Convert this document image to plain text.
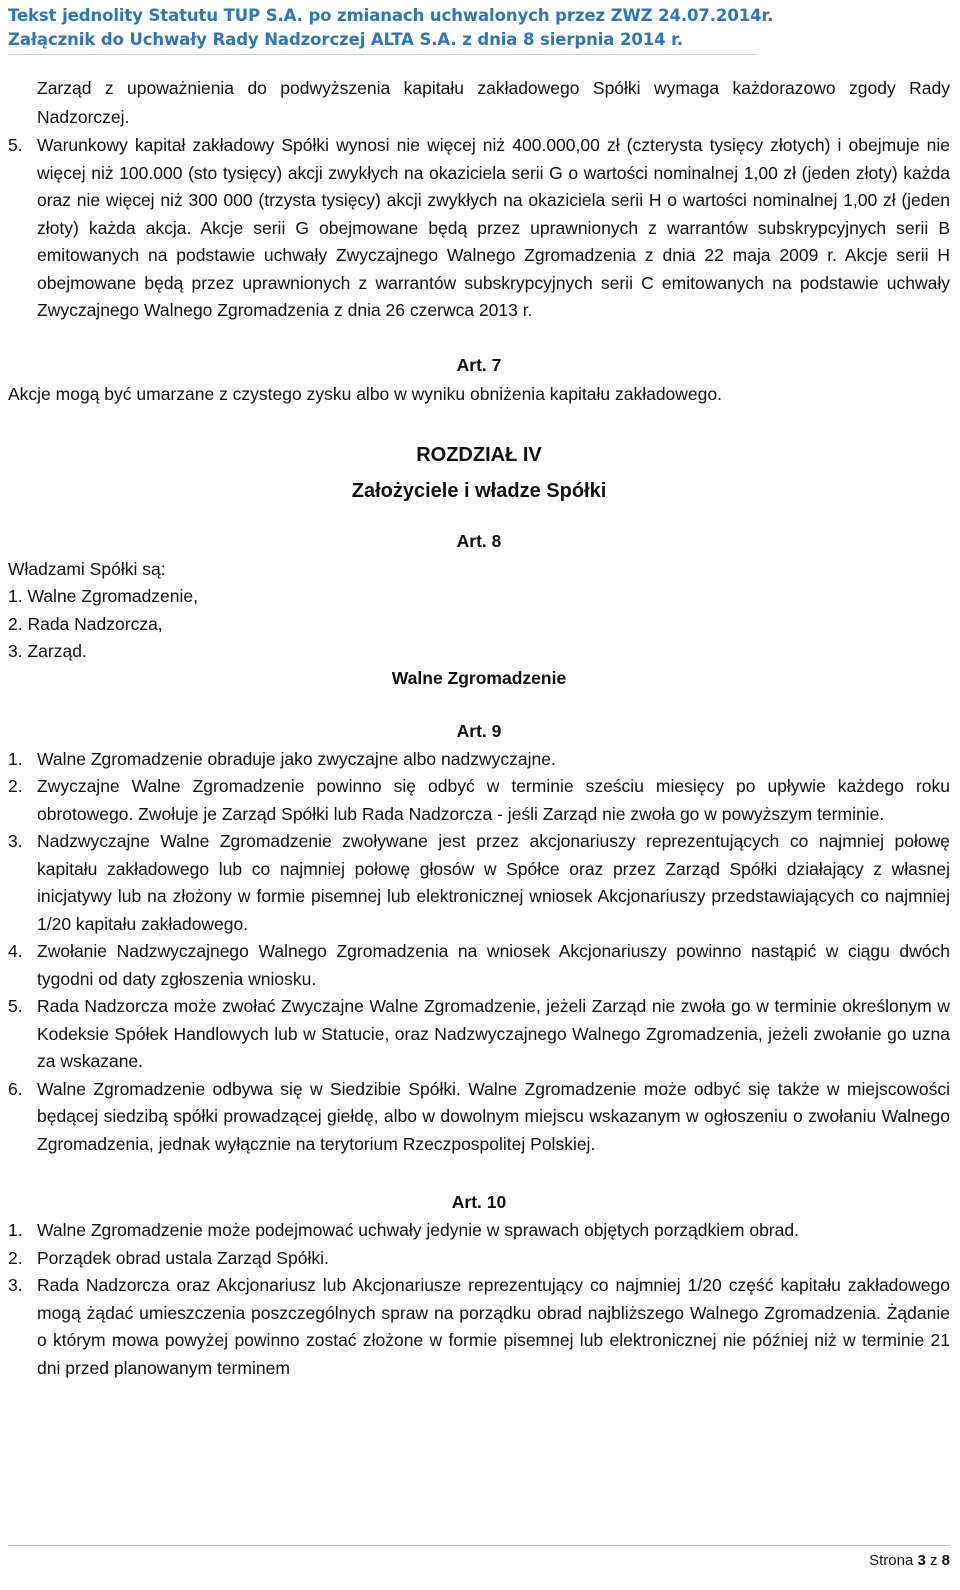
Tekst jednolity Statutu TUP S.A. po zmianach uchwalonych przez ZWZ 24.07.2014r.
Załącznik do Uchwały Rady Nadzorczej ALTA S.A. z dnia 8 sierpnia 2014 r.

Zarząd z upoważnienia do podwyższenia kapitału zakładowego Spółki wymaga każdorazowo zgody Rady Nadzorczej.

5. Warunkowy kapitał zakładowy Spółki wynosi nie więcej niż 400.000,00 zł (czterysta tysięcy złotych) i obejmuje nie więcej niż 100.000 (sto tysięcy) akcji zwykłych na okaziciela serii G o wartości nominalnej 1,00 zł (jeden złoty) każda oraz nie więcej niż 300 000 (trzysta tysięcy) akcji zwykłych na okaziciela serii H o wartości nominalnej 1,00 zł (jeden złoty) każda akcja. Akcje serii G obejmowane będą przez uprawnionych z warrantów subskrypcyjnych serii B emitowanych na podstawie uchwały Zwyczajnego Walnego Zgromadzenia z dnia 22 maja 2009 r. Akcje serii H obejmowane będą przez uprawnionych z warrantów subskrypcyjnych serii C emitowanych na podstawie uchwały Zwyczajnego Walnego Zgromadzenia z dnia 26 czerwca 2013 r.

Art. 7

Akcje mogą być umarzane z czystego zysku albo w wyniku obniżenia kapitału zakładowego.

ROZDZIAŁ IV

Założyciele i władze Spółki

Art. 8

Władzami Spółki są:

1. Walne Zgromadzenie,

2. Rada Nadzorcza,

3. Zarząd.

Walne Zgromadzenie

Art. 9

1. Walne Zgromadzenie obraduje jako zwyczajne albo nadzwyczajne.
2. Zwyczajne Walne Zgromadzenie powinno się odbyć w terminie sześciu miesięcy po upływie każdego roku obrotowego. Zwołuje je Zarząd Spółki lub Rada Nadzorcza - jeśli Zarząd nie zwoła go w powyższym terminie.
3. Nadzwyczajne Walne Zgromadzenie zwoływane jest przez akcjonariuszy reprezentujących co najmniej połowę kapitału zakładowego lub co najmniej połowę głosów w Spółce oraz przez Zarząd Spółki działający z własnej inicjatywy lub na złożony w formie pisemnej lub elektronicznej wniosek Akcjonariuszy przedstawiających co najmniej 1/20 kapitału zakładowego.
4. Zwołanie Nadzwyczajnego Walnego Zgromadzenia na wniosek Akcjonariuszy powinno nastąpić w ciągu dwóch tygodni od daty zgłoszenia wniosku.
5. Rada Nadzorcza może zwołać Zwyczajne Walne Zgromadzenie, jeżeli Zarząd nie zwoła go w terminie określonym w Kodeksie Spółek Handlowych lub w Statucie, oraz Nadzwyczajnego Walnego Zgromadzenia, jeżeli zwołanie go uzna za wskazane.
6. Walne Zgromadzenie odbywa się w Siedzibie Spółki. Walne Zgromadzenie może odbyć się także w miejscowości będącej siedzibą spółki prowadzącej giełdę, albo w dowolnym miejscu wskazanym w ogłoszeniu o zwołaniu Walnego Zgromadzenia, jednak wyłącznie na terytorium Rzeczpospolitej Polskiej.

Art. 10

1. Walne Zgromadzenie może podejmować uchwały jedynie w sprawach objętych porządkiem obrad.
2. Porządek obrad ustala Zarząd Spółki.
3. Rada Nadzorcza oraz Akcjonariusz lub Akcjonariusze reprezentujący co najmniej 1/20 część kapitału zakładowego mogą żądać umieszczenia poszczególnych spraw na porządku obrad najbliższego Walnego Zgromadzenia. Żądanie o którym mowa powyżej powinno zostać złożone w formie pisemnej lub elektronicznej nie później niż w terminie 21 dni przed planowanym terminem
Strona 3 z 8
